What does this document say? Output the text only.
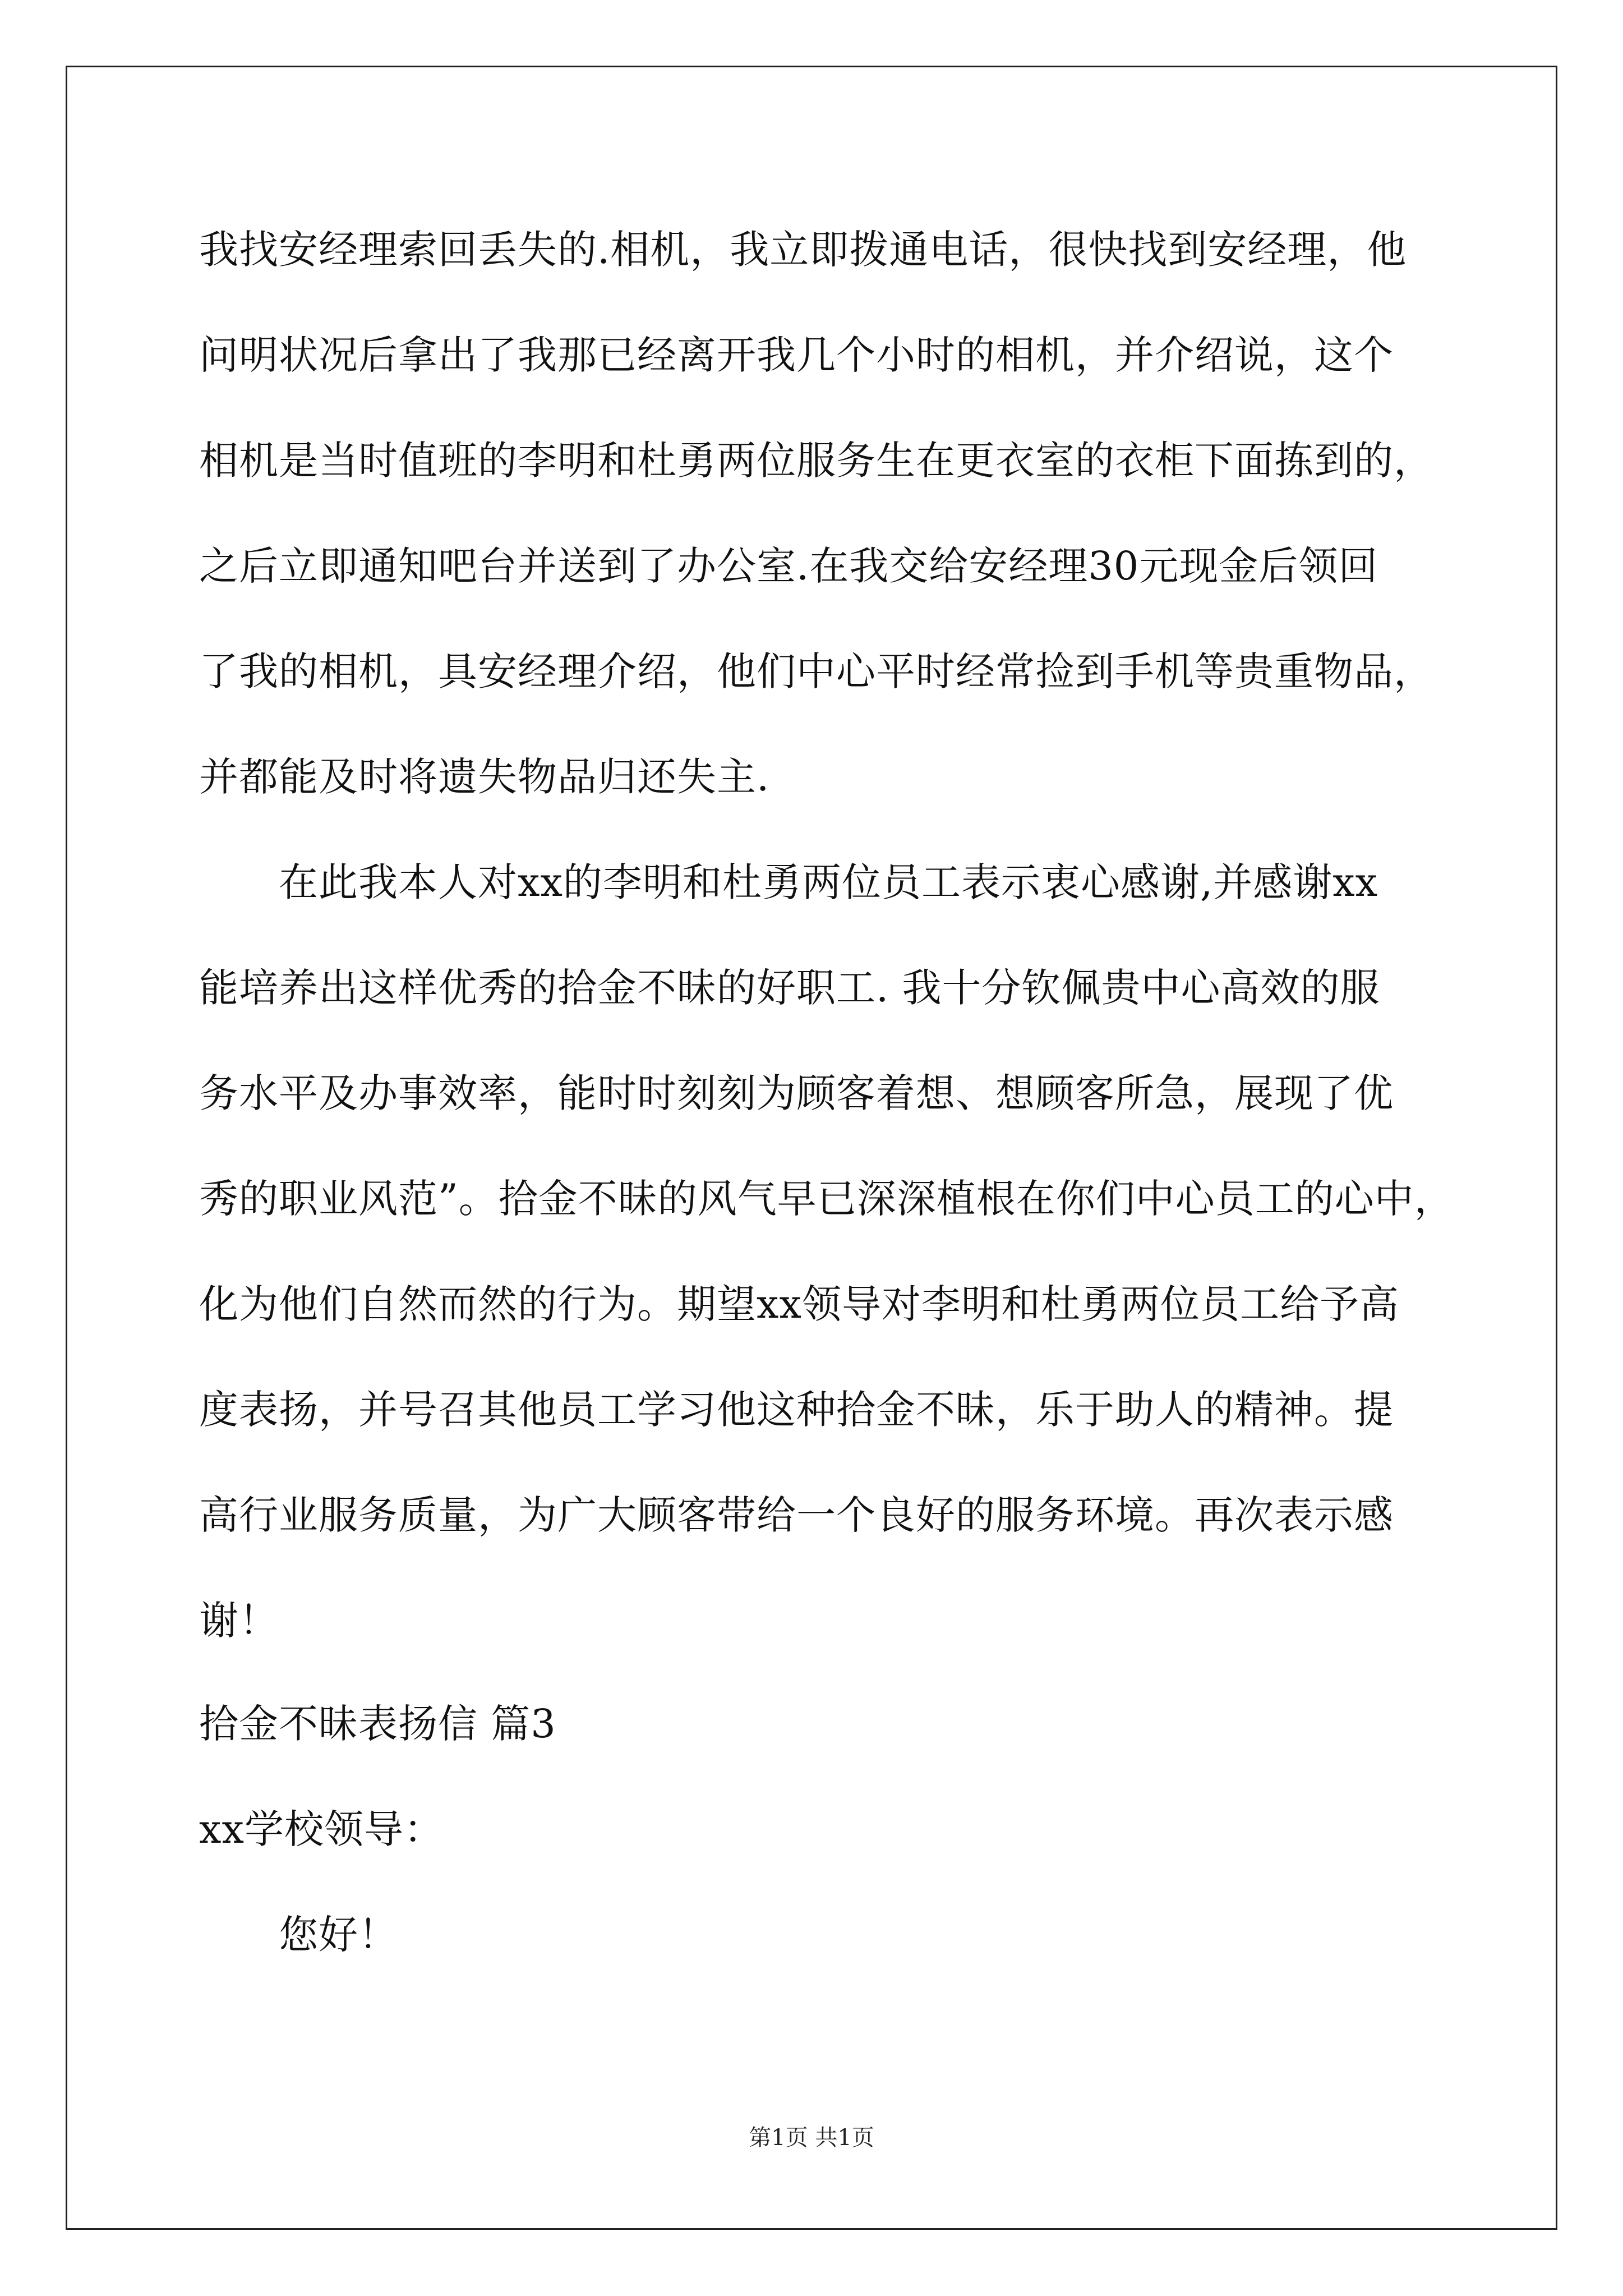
我找安经理索回丢失的.相机，我立即拨通电话，很快找到安经理，他
问明状况后拿出了我那已经离开我几个小时的相机，并介绍说，这个
相机是当时值班的李明和杜勇两位服务生在更衣室的衣柜下面拣到的，
之后立即通知吧台并送到了办公室.在我交给安经理30元现金后领回
了我的相机，具安经理介绍，他们中心平时经常捡到手机等贵重物品，
并都能及时将遗失物品归还失主.
在此我本人对xx的李明和杜勇两位员工表示衷心感谢,并感谢xx
能培养出这样优秀的拾金不昧的好职工. 我十分钦佩贵中心高效的服
务水平及办事效率，能时时刻刻为顾客着想、想顾客所急，展现了优
秀的职业风范”。拾金不昧的风气早已深深植根在你们中心员工的心中，
化为他们自然而然的行为。期望xx领导对李明和杜勇两位员工给予高
度表扬，并号召其他员工学习他这种拾金不昧，乐于助人的精神。提
高行业服务质量，为广大顾客带给一个良好的服务环境。再次表示感
谢！
拾金不昧表扬信 篇3
xx学校领导：
您好！
第1页 共1页
